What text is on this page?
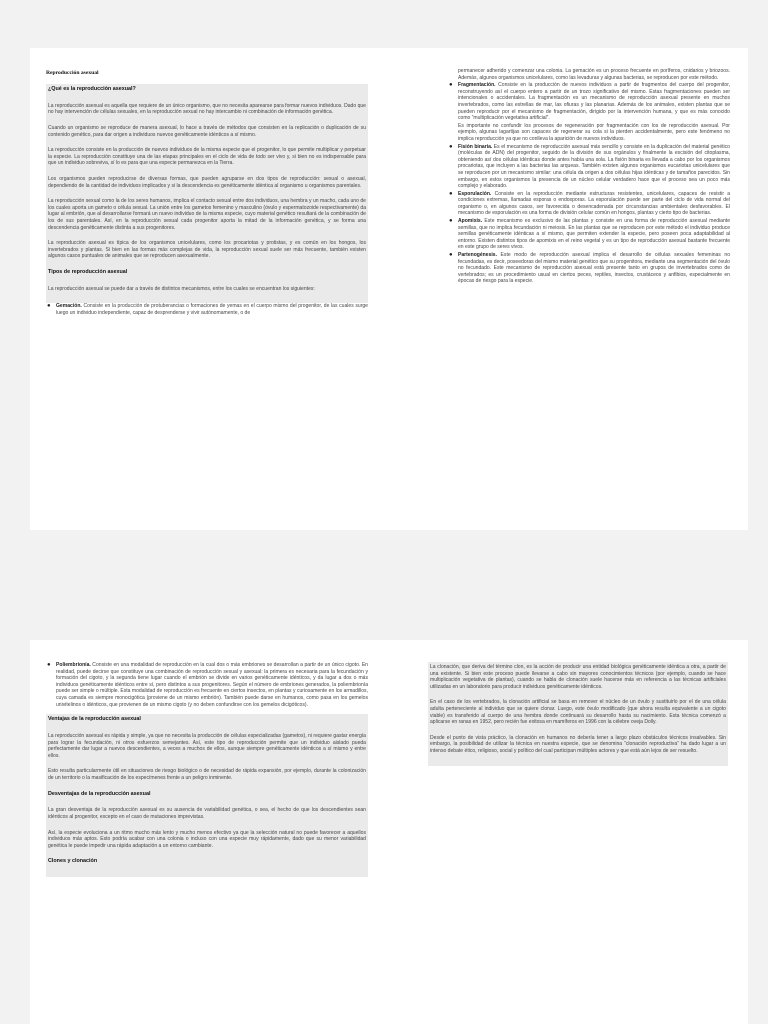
Reproducción asexual

¿Qué es la reproducción asexual?

La reproducción asexual es aquella que requiere de un único organismo, que no necesita aparearse para formar nuevos individuos. Dado que no hay intervención de células sexuales, en la reproducción sexual no hay intercambio ni combinación de información genética.

Cuando un organismo se reproduce de manera asexual, lo hace a través de métodos que consisten en la replicación o duplicación de su contenido genético, para dar origen a individuos nuevos genéticamente idénticos a sí mismo.

La reproducción consiste en la producción de nuevos individuos de la misma especie que el progenitor, lo que permite multiplicar y perpetuar la especie. La reproducción constituye una de las etapas principales en el ciclo de vida de todo ser vivo y, si bien no es indispensable para que un individuo sobreviva, sí lo es para que una especie permanezca en la Tierra.

Los organismos pueden reproducirse de diversas formas, que pueden agruparse en dos tipos de reproducción: sexual o asexual, dependiendo de la cantidad de individuos implicados y si la descendencia es genéticamente idéntica al organismo u organismos parentales.

La reproducción sexual como la de los seres humanos, implica el contacto sexual entre dos individuos, una hembra y un macho, cada uno de los cuales aporta un gameto o célula sexual. La unión entre los gametos femenino y masculino (óvulo y espermatozoide respectivamente) da lugar al embrión, que al desarrollarse formará un nuevo individuo de la misma especie, cuyo material genético resultará de la combinación de los de sus parentales. Así, en la reproducción sexual cada progenitor aporta la mitad de la información genética, y se forma una descendencia genéticamente distinta a sus progenitores.

La reproducción asexual es típica de los organismos unicelulares, como los procariotas y protistas, y es común en los hongos, los invertebrados y plantas. Si bien en las formas más complejas de vida, la reproducción sexual suele ser más frecuente, también existen algunos casos puntuales de animales que se reproducen asexualmente.

Tipos de reproducción asexual

La reproducción asexual se puede dar a través de distintos mecanismos, entre los cuales se encuentran los siguientes:

● Gemación. Consiste en la producción de protuberancias o formaciones de yemas en el cuerpo mismo del progenitor, de las cuales surge luego un individuo independiente, capaz de desprenderse y vivir autónomamente, o de

permanecer adherido y comenzar una colonia. La gemación es un proceso frecuente en poríferos, cnidarios y briozoos. Además, algunos organismos unicelulares, como las levaduras y algunas bacterias, se reproducen por este método.

● Fragmentación. Consiste en la producción de nuevos individuos a partir de fragmentos del cuerpo del progenitor, reconstruyendo así el cuerpo entero a partir de un trozo significativo del mismo. Estas fragmentaciones pueden ser intencionales o accidentales. La fragmentación es un mecanismo de reproducción asexual presente en muchos invertebrados, como las estrellas de mar, las ofiuras y las planarias. Además de los animales, existen plantas que se pueden reproducir por el mecanismo de fragmentación, dirigido por la intervención humana, y que es más conocido como “multiplicación vegetativa artificial”.

Es importante no confundir los procesos de regeneración por fragmentación con los de reproducción asexual. Por ejemplo, algunas lagartijas son capaces de regenerar su cola si la pierden accidentalmente, pero este fenómeno no implica reproducción ya que no conlleva la aparición de nuevos individuos.

● Fisión binaria. Es el mecanismo de reproducción asexual más sencillo y consiste en la duplicación del material genético (moléculas de ADN) del progenitor, seguido de la división de sus orgánulos y finalmente la escisión del citoplasma, obteniendo así dos células idénticas donde antes había una sola. La fisión binaria es llevada a cabo por los organismos procariotas, que incluyen a las bacterias las arqueas. También existen algunos organismos eucariotas unicelulares que se reproducen por un mecanismo similar: una célula da origen a dos células hijas idénticas y de tamaños parecidos. Sin embargo, en estos organismos la presencia de un núcleo celular verdadero hace que el proceso sea un poco más complejo y elaborado.
● Esporulación. Consiste en la reproducción mediante estructuras resistentes, unicelulares, capaces de resistir a condiciones extremas, llamadas esporas o endosporas. La esporulación puede ser parte del ciclo de vida normal del organismo o, en algunos casos, ser favorecida o desencadenada por circunstancias ambientales desfavorables. El mecanismo de esporulación es una forma de división celular común en hongos, plantas y cierto tipo de bacterias.
● Apomixis. Este mecanismo es exclusivo de las plantas y consiste en una forma de reproducción asexual mediante semillas, que no implica fecundación ni meiosis. En las plantas que se reproducen por este método el individuo produce semillas genéticamente idénticas a sí mismo, que permiten extender la especie, pero poseen poca adaptabilidad al entorno. Existen distintos tipos de apomixis en el reino vegetal y es un tipo de reproducción asexual bastante frecuente en este grupo de seres vivos.
● Partenogénesis. Este modo de reproducción asexual implica el desarrollo de células sexuales femeninas no fecundadas, es decir, poseedoras del mismo material genético que su progenitora, mediante una segmentación del óvulo no fecundado. Este mecanismo de reproducción asexual está presente tanto en grupos de invertebrados como de vertebrados; es un procedimiento usual en ciertos peces, reptiles, insectos, crustáceos y anfibios, especialmente en épocas de riesgo para la especie.
● Poliembrionía. Consiste en una modalidad de reproducción en la cual dos o más embriones se desarrollan a partir de un único cigoto. En realidad, puede decirse que constituye una combinación de reproducción sexual y asexual: la primera es necesaria para la fecundación y formación del cigoto, y la segunda tiene lugar cuando el embrión se divide en varios genéticamente idénticos, y da lugar a dos o más individuos genéticamente idénticos entre sí, pero distintos a sus progenitores. Según el número de embriones generados, la poliembrionía puede ser simple o múltiple. Esta modalidad de reproducción es frecuente en ciertos insectos, en plantas y curiosamente en los armadillos, cuya camada es siempre monocigótica (proviene de un mismo embrión). También puede darse en humanos, como pasa en los gemelos univitelinos o idénticos, que provienen de un mismo cigoto (y no deben confundirse con los gemelos dicigóticos).

Ventajas de la reproducción asexual

La reproducción asexual es rápida y simple, ya que no necesita la producción de células especializadas (gametos), ni requiere gastar energía para lograr la fecundación, ni otros esfuerzos semejantes. Así, este tipo de reproducción permite que un individuo aislado pueda perfectamente dar lugar a nuevos descendientes, a veces a muchos de ellos, aunque siempre genéticamente idénticos a sí mismo y entre ellos.

Esto resulta particularmente útil en situaciones de riesgo biológico o de necesidad de rápida expansión, por ejemplo, durante la colonización de un territorio o la masificación de los especímenes frente a un peligro inminente.

Desventajas de la reproducción asexual

La gran desventaja de la reproducción asexual es su ausencia de variabilidad genética, o sea, el hecho de que los descendientes sean idénticos al progenitor, excepto en el caso de mutaciones imprevistas.

Así, la especie evoluciona a un ritmo mucho más lento y mucho menos efectivo ya que la selección natural no puede favorecer a aquellos individuos más aptos. Esto podría acabar con una colonia o incluso con una especie muy rápidamente, dado que su menor variabilidad genética le puede impedir una rápida adaptación a un entorno cambiante.

Clones y clonación

La clonación, que deriva del término clon, es la acción de producir una entidad biológica genéticamente idéntica a otra, a partir de una existente. Si bien este proceso puede llevarse a cabo sin mayores conocimientos técnicos (por ejemplo, cuando se hace multiplicación vegetativa de plantas), cuando se habla de clonación suele hacerse más en referencia a las técnicas artificiales utilizadas en un laboratorio para producir individuos genéticamente idénticos.

En el caso de los vertebrados, la clonación artificial se basa en remover el núcleo de un óvulo y sustituirlo por el de una célula adulta perteneciente al individuo que se quiere clonar. Luego, este óvulo modificado (que ahora resulta equivalente a un cigoto viable) es transferido al cuerpo de una hembra donde continuará su desarrollo hasta su nacimiento. Esta técnica comenzó a aplicarse en ranas en 1952, pero recién fue exitosa en mamíferos en 1996 con la célebre oveja Dolly.

Desde el punto de vista práctico, la clonación en humanos no debería tener a largo plazo obstáculos técnicos insalvables. Sin embargo, la posibilidad de utilizar la técnica en nuestra especie, que se denomina “clonación reproductiva” ha dado lugar a un intenso debate ético, religioso, social y político del cual participan múltiples actores y que está aún lejos de ser resuelto.
